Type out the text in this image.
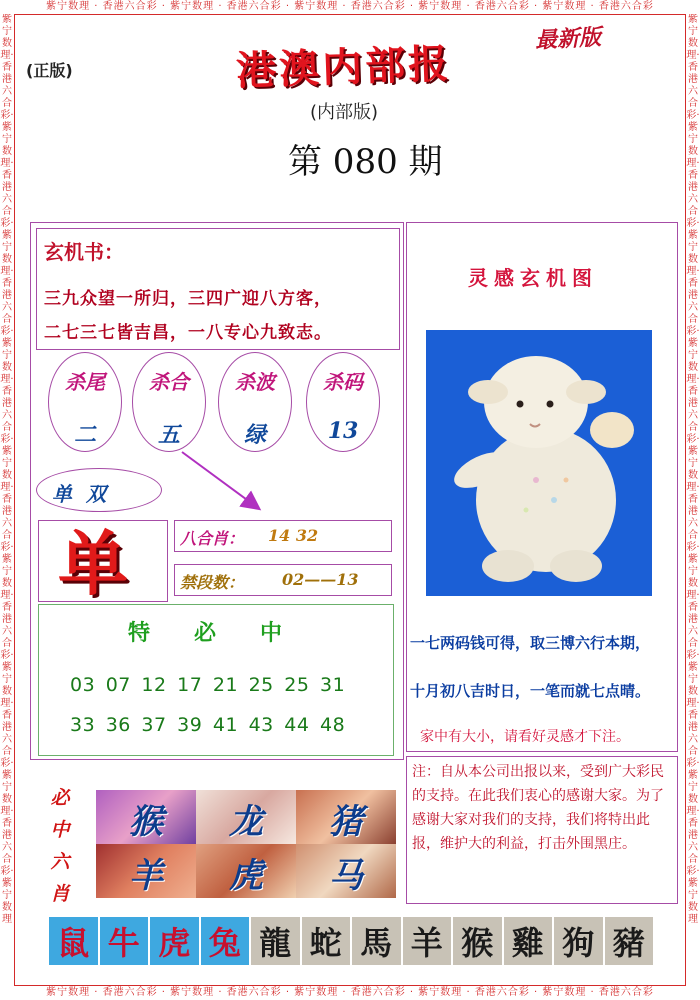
紫宁数理 · 香港六合彩 · 紫宁数理 · 香港六合彩 · 紫宁数理 · 香港六合彩 · 紫宁数理 · 香港六合彩 · 紫宁数理 · 香港六合彩
紫宁数理 · 香港六合彩 · 紫宁数理 · 香港六合彩 · 紫宁数理 · 香港六合彩 · 紫宁数理 · 香港六合彩 · 紫宁数理 · 香港六合彩
紫宁数理·香港六合彩·紫宁数理·香港六合彩·紫宁数理·香港六合彩·紫宁数理·香港六合彩·紫宁数理·香港六合彩·紫宁数理·香港六合彩·紫宁数理·香港六合彩·紫宁数理·香港六合彩·紫宁数理
紫宁数理·香港六合彩·紫宁数理·香港六合彩·紫宁数理·香港六合彩·紫宁数理·香港六合彩·紫宁数理·香港六合彩·紫宁数理·香港六合彩·紫宁数理·香港六合彩·紫宁数理·香港六合彩·紫宁数理
(正版)
最新版
港澳内部报
(内部版)
第 080 期
玄机书：
三九众望一所归，三四广迎八方客，
二七三七皆吉昌，一八专心九致志。
杀尾
二
杀合
五
杀波
绿
杀码
13
单双
单	八合肖： 14 32
禁段数： 02——13
特必中
03 07 12 17 21 25 25 31
33 36 37 39 41 43 44 48
必
中
六
肖
猴	龙	猪
羊	虎	马
灵感玄机图
一七两码钱可得，取三博六行本期，
十月初八吉时日，一笔而就七点晴。
家中有大小，请看好灵感才下注。
注：自从本公司出报以来，受到广大彩民的支持。在此我们衷心的感谢大家。为了感谢大家对我们的支持，我们将特出此报，维护大的利益，打击外围黑庄。
鼠 牛 虎 兔 龍 蛇 馬 羊 猴 雞 狗 豬
